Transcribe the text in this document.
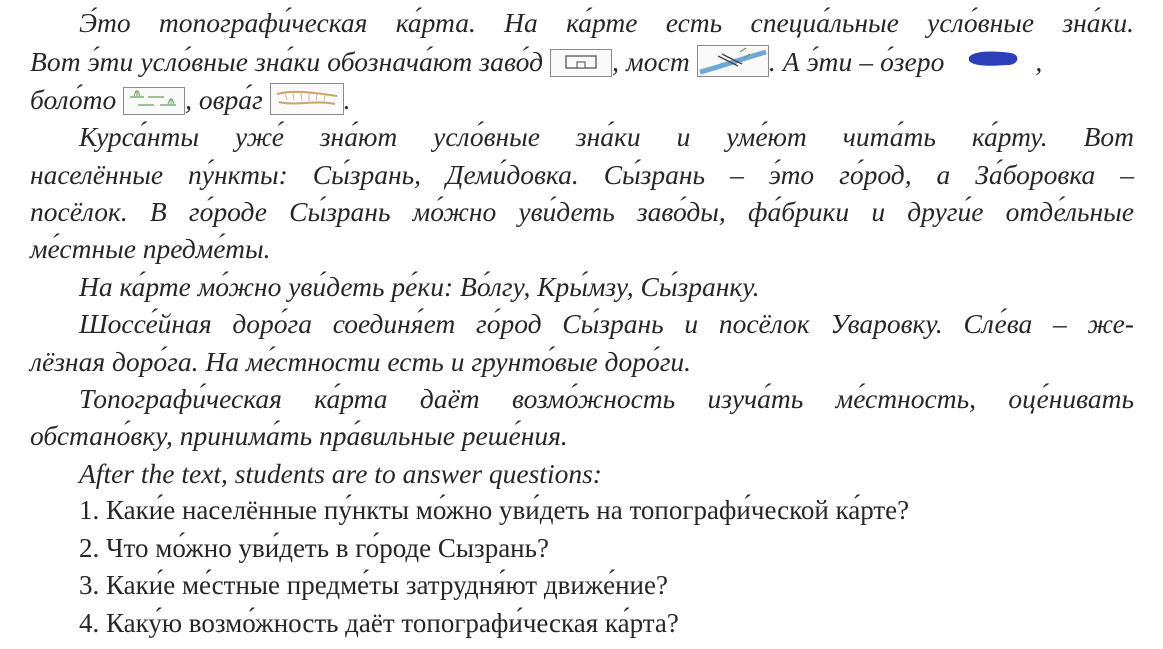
Э́то топографи́ческая ка́рта. На ка́рте есть специа́льные усло́вные зна́ки.
Вот э́ти усло́вные зна́ки обознача́ют заво́д	, мост	. А э́ти – о́зеро	,
боло́то	, овра́г	.
Курса́нты уже́ зна́ют усло́вные зна́ки и уме́ют чита́ть ка́рту. Вот
населённые пу́нкты: Сы́зрань, Деми́довка. Сы́зрань – э́то го́род, а За́боровка –
посёлок. В го́роде Сы́зрань мо́жно уви́деть заво́ды, фа́брики и други́е отде́льные
ме́стные предме́ты.
На ка́рте мо́жно уви́деть ре́ки: Во́лгу, Кры́мзу, Сы́зранку.
Шоссе́йная доро́га соединя́ет го́род Сы́зрань и посёлок Уваровку. Сле́ва – же-
лёзная доро́га. На ме́стности есть и грунто́вые доро́ги.
Топографи́ческая ка́рта даёт возмо́жность изуча́ть ме́стность, оце́нивать
обстано́вку, принима́ть пра́вильные реше́ния.
After the text, students are to answer questions:

1. Каки́е населённые пу́нкты мо́жно уви́деть на топографи́ческой ка́рте?

2. Что мо́жно уви́деть в го́роде Сызрань?

3. Каки́е ме́стные предме́ты затрудня́ют движе́ние?

4. Каку́ю возмо́жность даёт топографи́ческая ка́рта?
